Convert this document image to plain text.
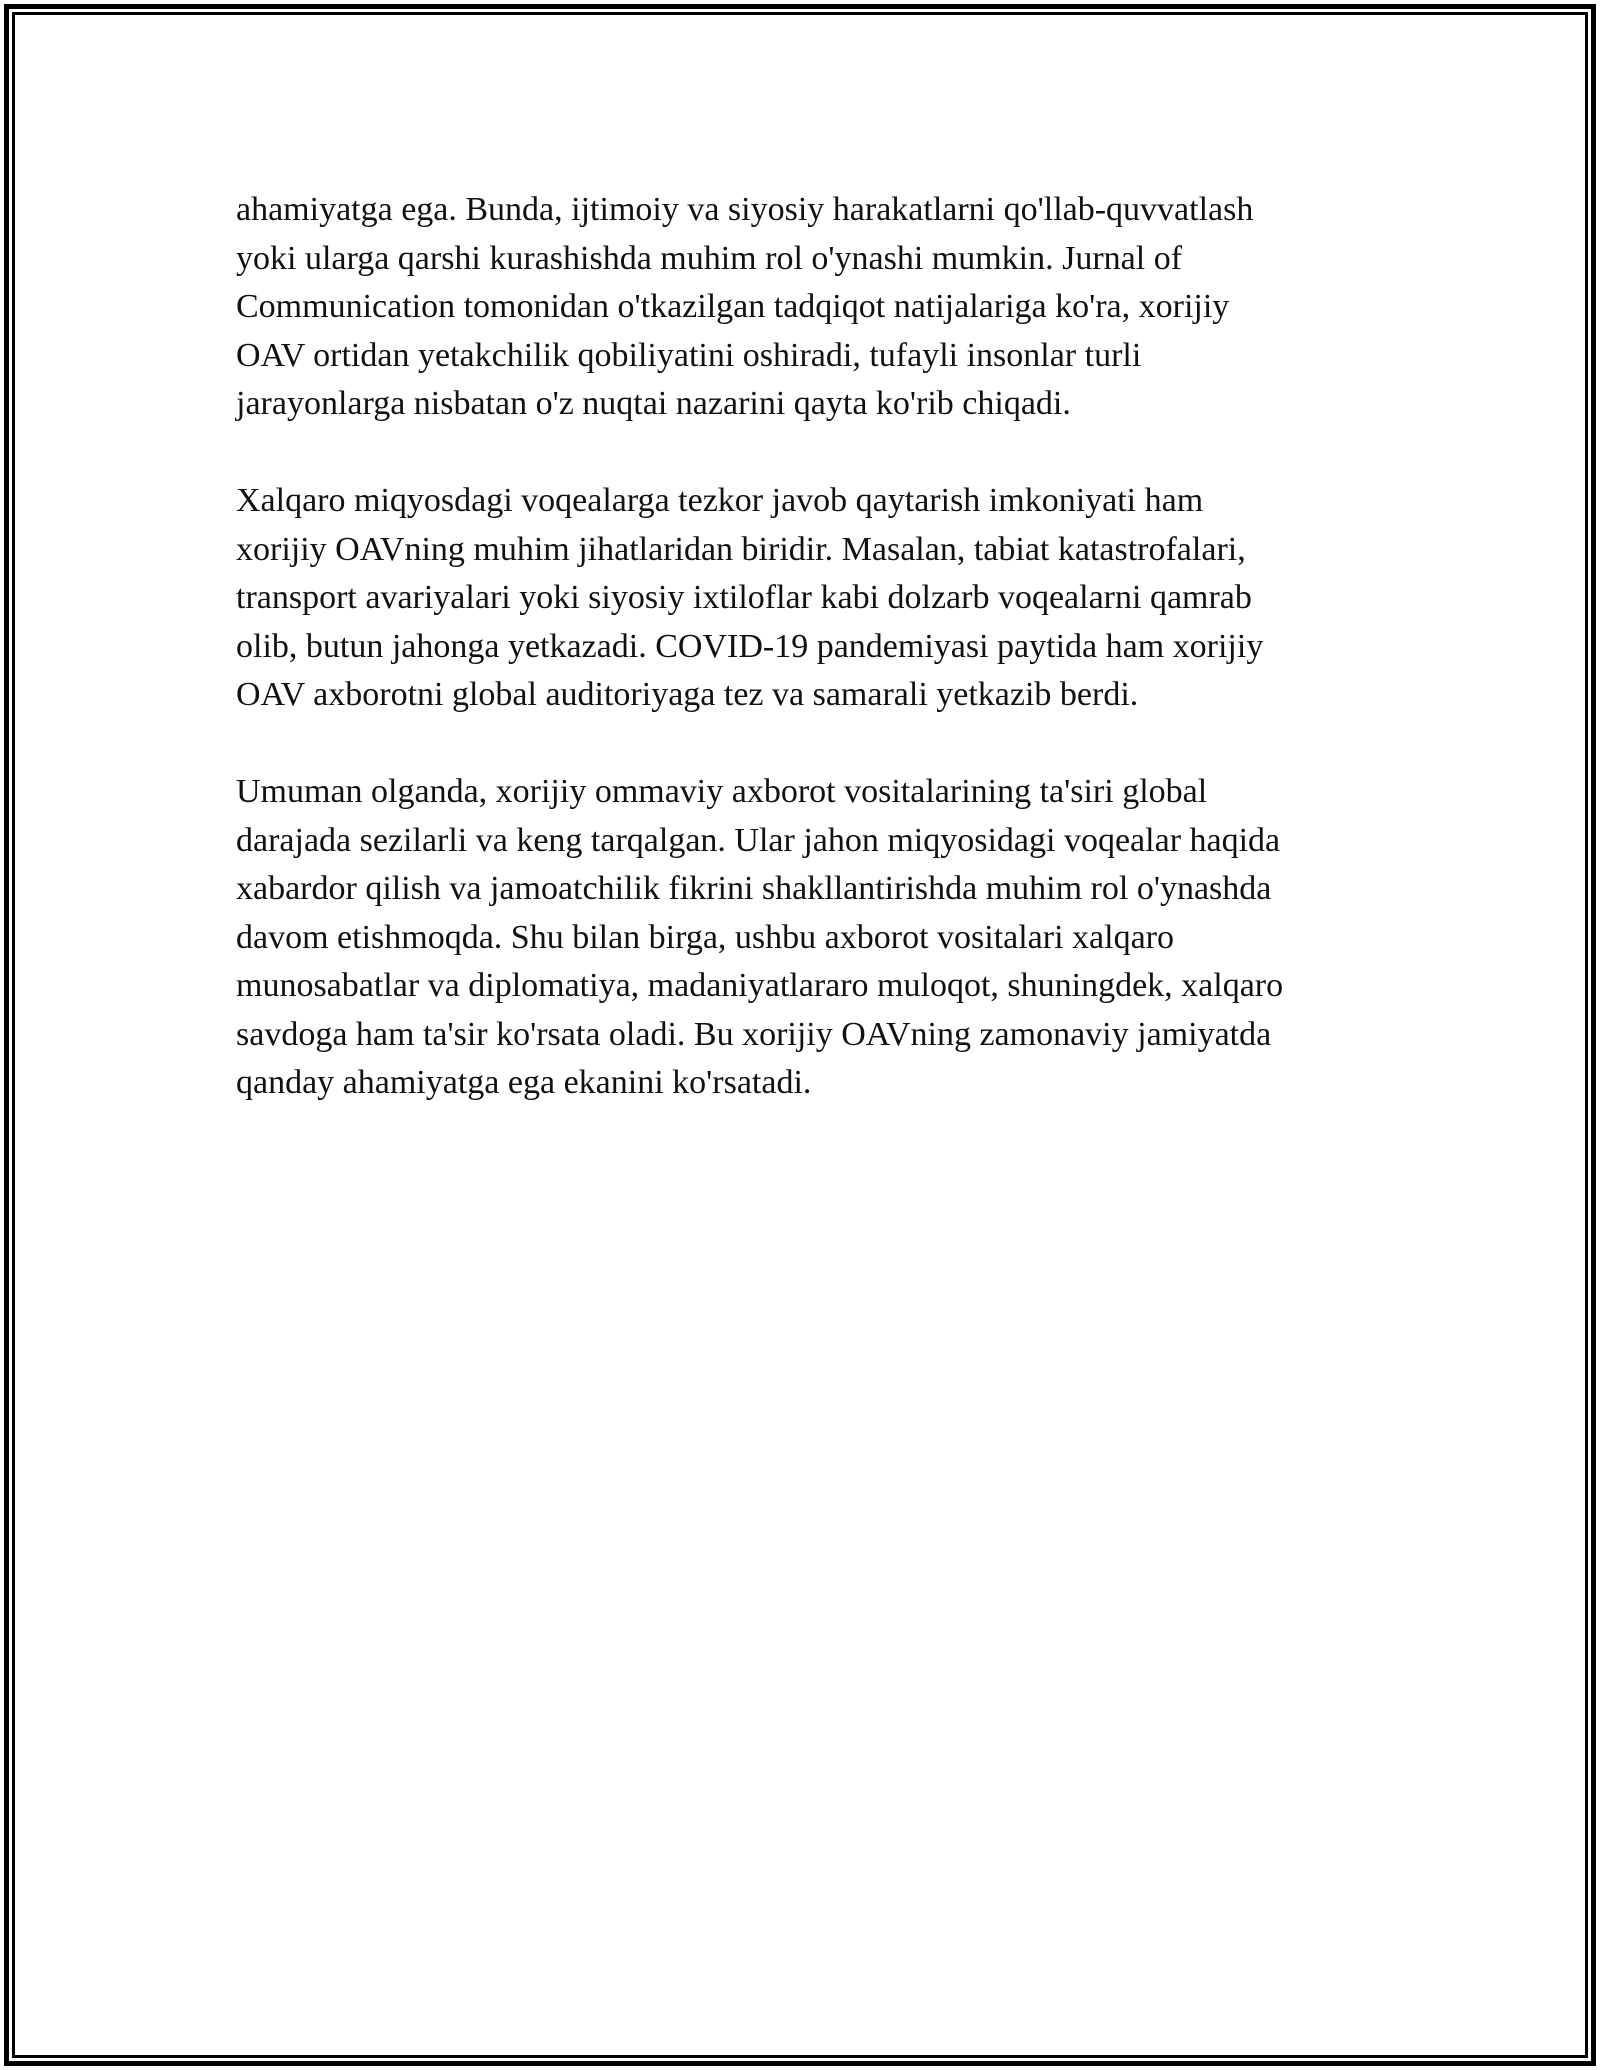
ahamiyatga ega. Bunda, ijtimoiy va siyosiy harakatlarni qo'llab-quvvatlash
yoki ularga qarshi kurashishda muhim rol o'ynashi mumkin. Jurnal of
Communication tomonidan o'tkazilgan tadqiqot natijalariga ko'ra, xorijiy
OAV ortidan yetakchilik qobiliyatini oshiradi, tufayli insonlar turli
jarayonlarga nisbatan o'z nuqtai nazarini qayta ko'rib chiqadi.

Xalqaro miqyosdagi voqealarga tezkor javob qaytarish imkoniyati ham
xorijiy OAVning muhim jihatlaridan biridir. Masalan, tabiat katastrofalari,
transport avariyalari yoki siyosiy ixtiloflar kabi dolzarb voqealarni qamrab
olib, butun jahonga yetkazadi. COVID-19 pandemiyasi paytida ham xorijiy
OAV axborotni global auditoriyaga tez va samarali yetkazib berdi.

Umuman olganda, xorijiy ommaviy axborot vositalarining ta'siri global
darajada sezilarli va keng tarqalgan. Ular jahon miqyosidagi voqealar haqida
xabardor qilish va jamoatchilik fikrini shakllantirishda muhim rol o'ynashda
davom etishmoqda. Shu bilan birga, ushbu axborot vositalari xalqaro
munosabatlar va diplomatiya, madaniyatlararo muloqot, shuningdek, xalqaro
savdoga ham ta'sir ko'rsata oladi. Bu xorijiy OAVning zamonaviy jamiyatda
qanday ahamiyatga ega ekanini ko'rsatadi.
